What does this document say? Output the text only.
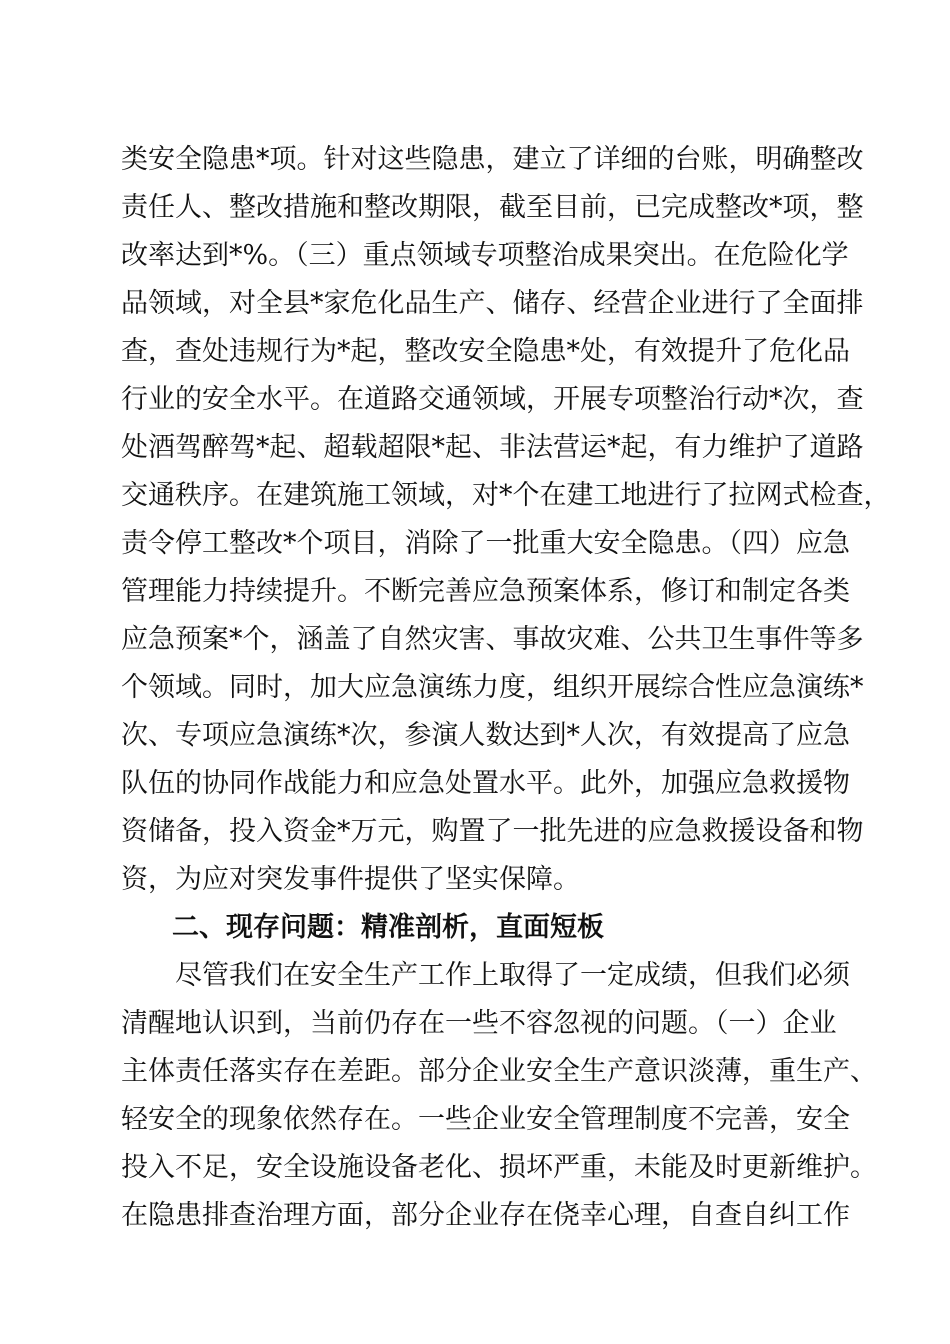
类安全隐患*项。针对这些隐患，建立了详细的台账，明确整改
责任人、整改措施和整改期限，截至目前，已完成整改*项，整
改率达到*%。（三）重点领域专项整治成果突出。在危险化学
品领域，对全县*家危化品生产、储存、经营企业进行了全面排
查，查处违规行为*起，整改安全隐患*处，有效提升了危化品
行业的安全水平。在道路交通领域，开展专项整治行动*次，查
处酒驾醉驾*起、超载超限*起、非法营运*起，有力维护了道路
交通秩序。在建筑施工领域，对*个在建工地进行了拉网式检查，
责令停工整改*个项目，消除了一批重大安全隐患。（四）应急
管理能力持续提升。不断完善应急预案体系，修订和制定各类
应急预案*个，涵盖了自然灾害、事故灾难、公共卫生事件等多
个领域。同时，加大应急演练力度，组织开展综合性应急演练*
次、专项应急演练*次，参演人数达到*人次，有效提高了应急
队伍的协同作战能力和应急处置水平。此外，加强应急救援物
资储备，投入资金*万元，购置了一批先进的应急救援设备和物
资，为应对突发事件提供了坚实保障。
二、现存问题：精准剖析，直面短板
尽管我们在安全生产工作上取得了一定成绩，但我们必须
清醒地认识到，当前仍存在一些不容忽视的问题。（一）企业
主体责任落实存在差距。部分企业安全生产意识淡薄，重生产、
轻安全的现象依然存在。一些企业安全管理制度不完善，安全
投入不足，安全设施设备老化、损坏严重，未能及时更新维护。
在隐患排查治理方面，部分企业存在侥幸心理，自查自纠工作
